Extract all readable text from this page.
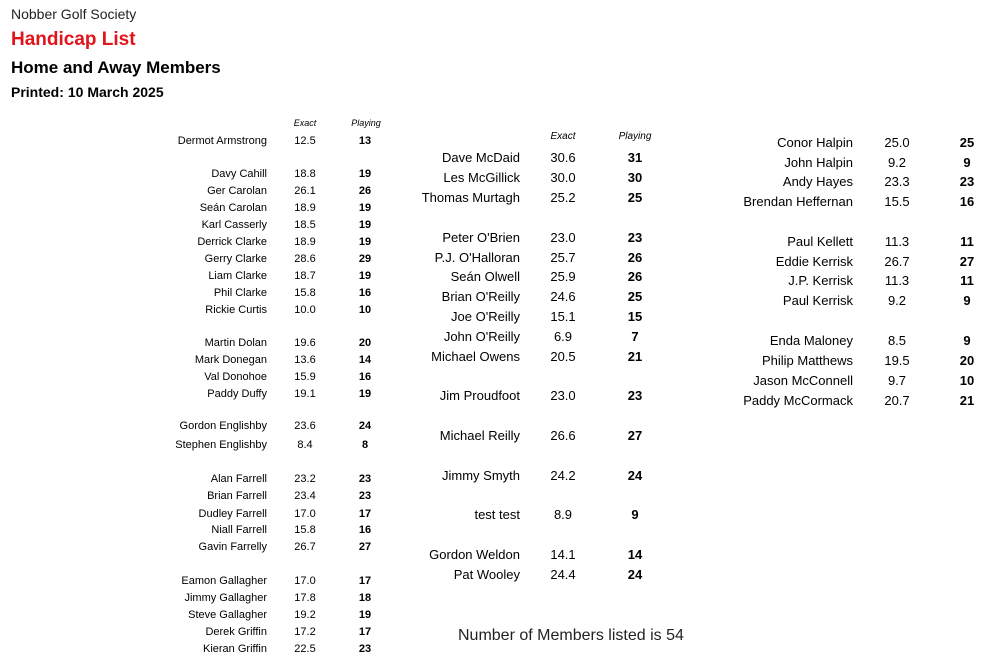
Nobber Golf Society
Handicap List
Home and Away Members
Printed: 10 March 2025
Exact	Playing
Dermot Armstrong	12.5	13
Davy Cahill	18.8	19
Ger Carolan	26.1	26
Seán Carolan	18.9	19
Karl Casserly	18.5	19
Derrick Clarke	18.9	19
Gerry Clarke	28.6	29
Liam Clarke	18.7	19
Phil Clarke	15.8	16
Rickie Curtis	10.0	10
Martin Dolan	19.6	20
Mark Donegan	13.6	14
Val Donohoe	15.9	16
Paddy Duffy	19.1	19
Gordon Englishby	23.6	24
Stephen Englishby	8.4	8
Alan Farrell	23.2	23
Brian Farrell	23.4	23
Dudley Farrell	17.0	17
Niall Farrell	15.8	16
Gavin Farrelly	26.7	27
Eamon Gallagher	17.0	17
Jimmy Gallagher	17.8	18
Steve Gallagher	19.2	19
Derek Griffin	17.2	17
Kieran Griffin	22.5	23
Exact	Playing
Dave McDaid	30.6	31
Les McGillick	30.0	30
Thomas Murtagh	25.2	25
Peter O'Brien	23.0	23
P.J. O'Halloran	25.7	26
Seán Olwell	25.9	26
Brian O'Reilly	24.6	25
Joe O'Reilly	15.1	15
John O'Reilly	6.9	7
Michael Owens	20.5	21
Jim Proudfoot	23.0	23
Michael Reilly	26.6	27
Jimmy Smyth	24.2	24
test test	8.9	9
Gordon Weldon	14.1	14
Pat Wooley	24.4	24
Conor Halpin	25.0	25
John Halpin	9.2	9
Andy Hayes	23.3	23
Brendan Heffernan	15.5	16
Paul Kellett	11.3	11
Eddie Kerrisk	26.7	27
J.P. Kerrisk	11.3	11
Paul Kerrisk	9.2	9
Enda Maloney	8.5	9
Philip Matthews	19.5	20
Jason McConnell	9.7	10
Paddy McCormack	20.7	21
Number of Members listed is 54
